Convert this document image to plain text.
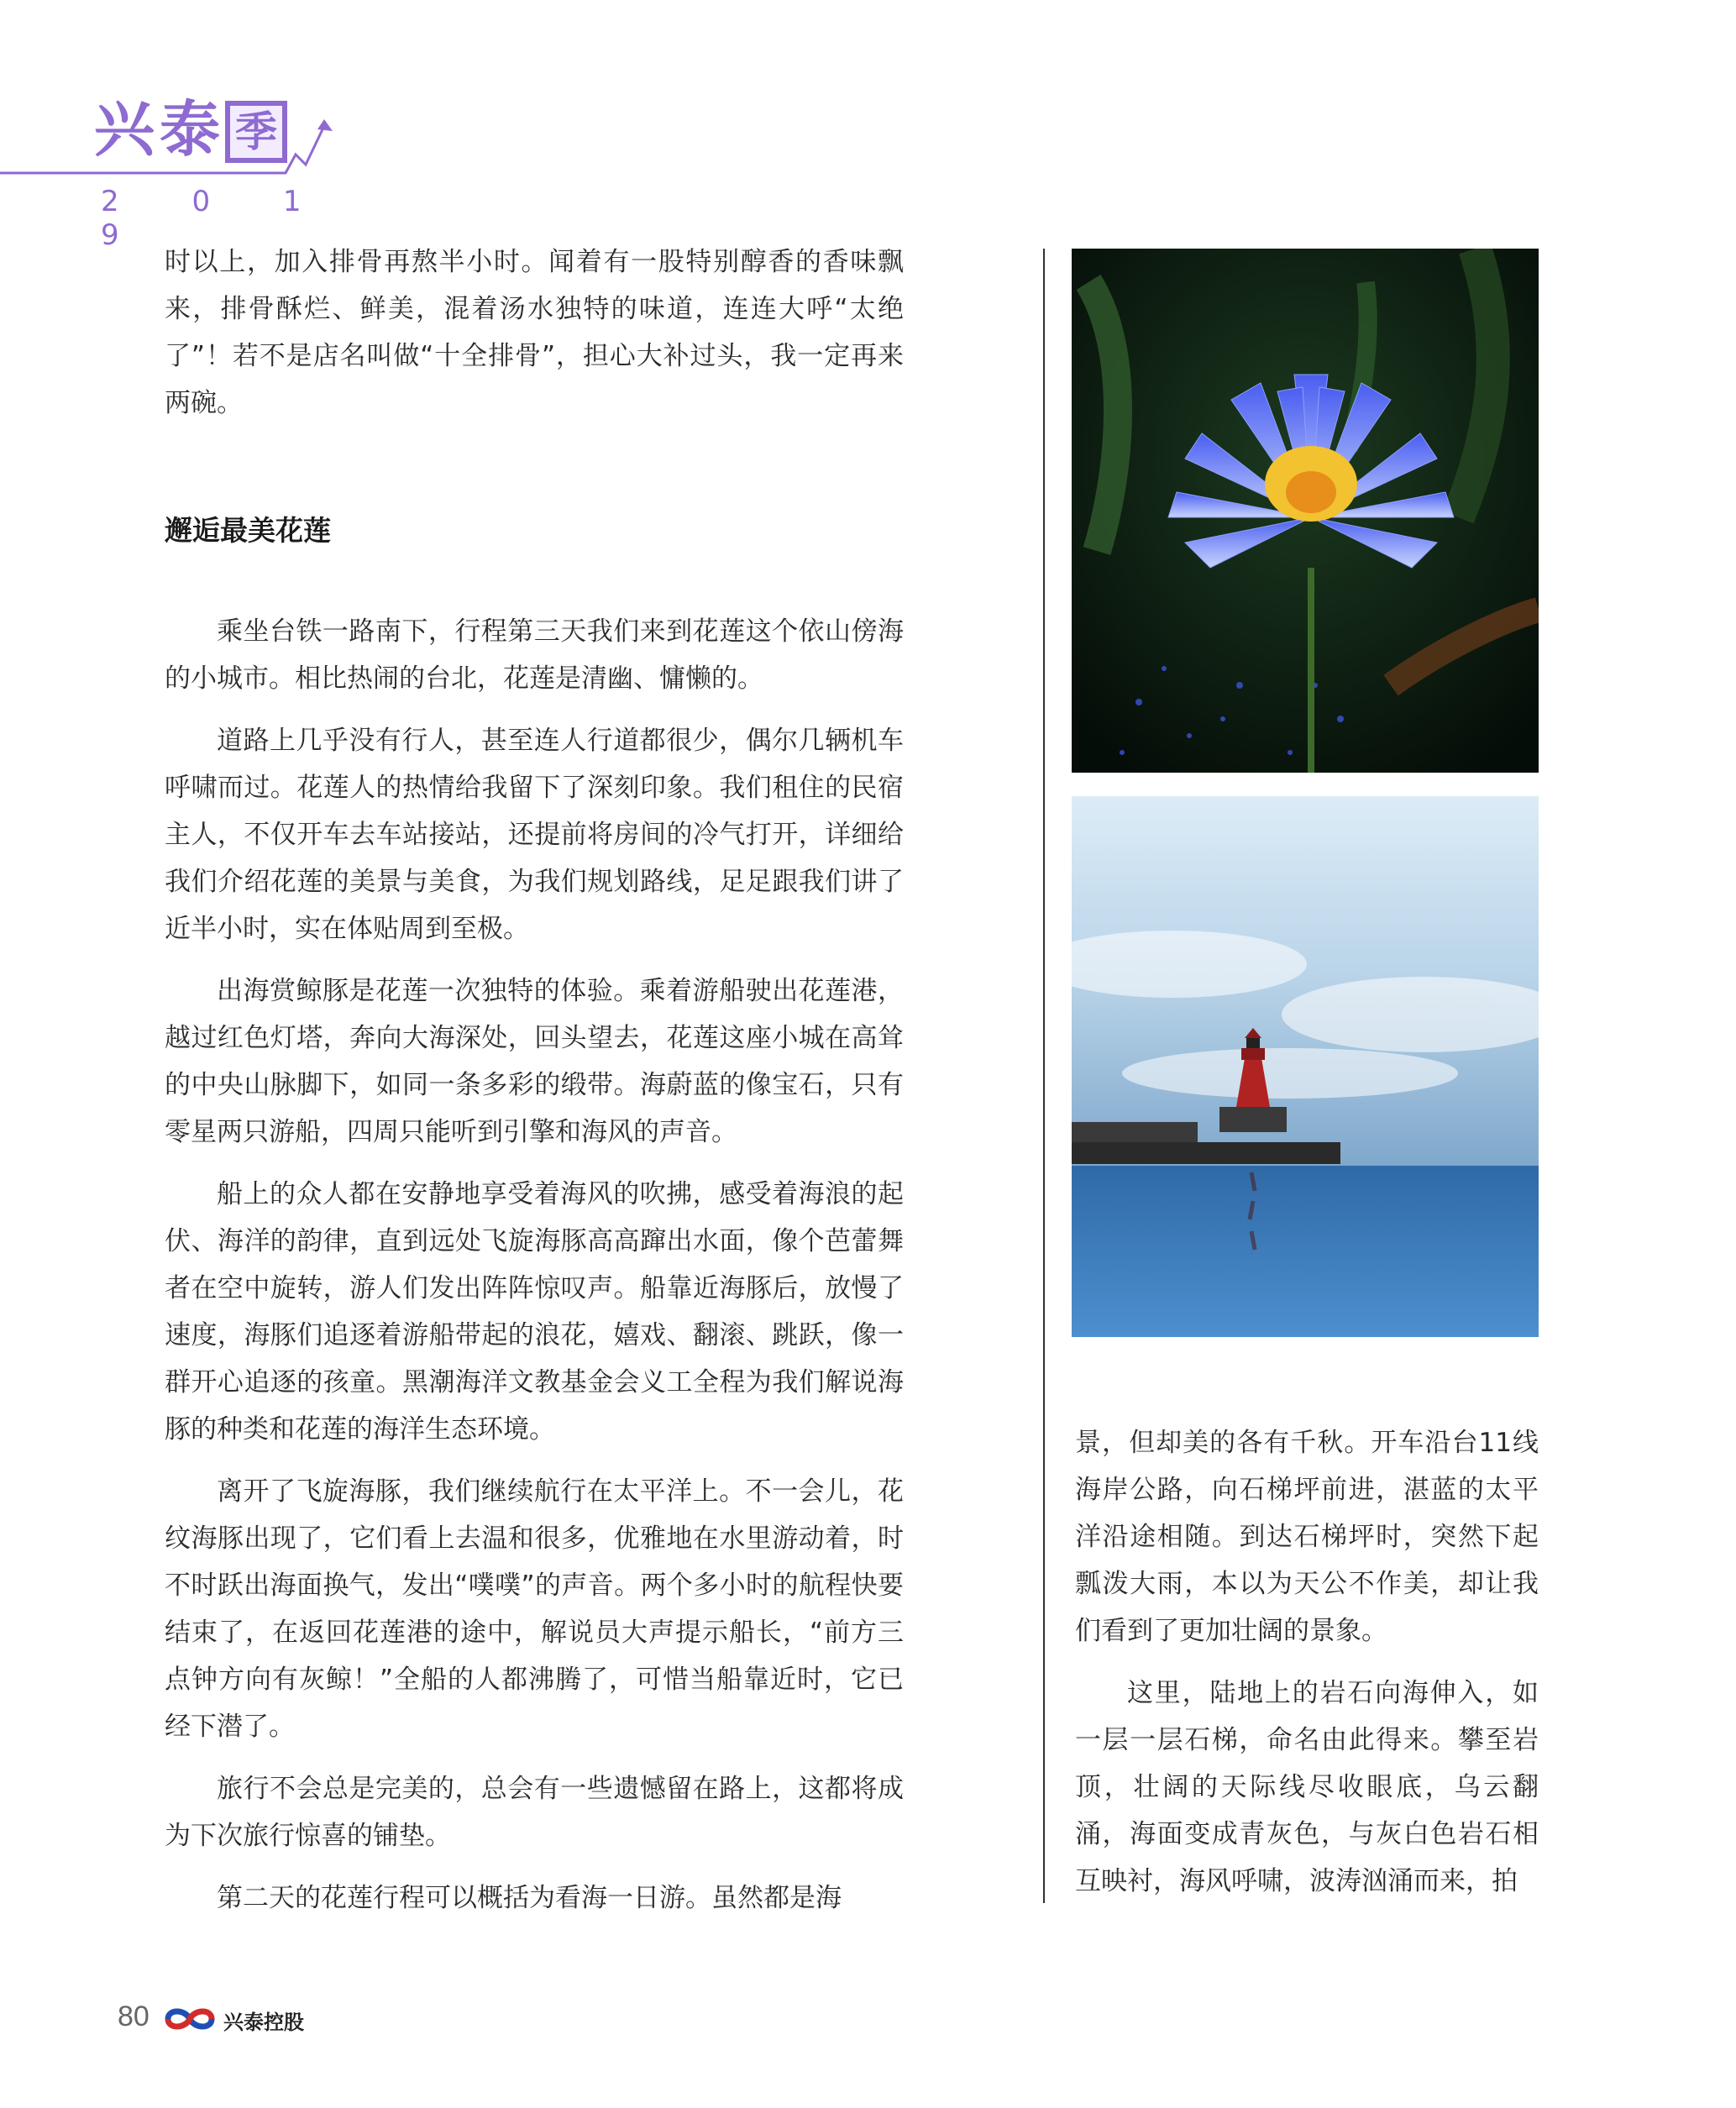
兴泰 季
2 0 1 9

时以上，加入排骨再熬半小时。闻着有一股特别醇香的香味飘来，排骨酥烂、鲜美，混着汤水独特的味道，连连大呼“太绝了”！若不是店名叫做“十全排骨”，担心大补过头，我一定再来两碗。

邂逅最美花莲

乘坐台铁一路南下，行程第三天我们来到花莲这个依山傍海的小城市。相比热闹的台北，花莲是清幽、慵懒的。

道路上几乎没有行人，甚至连人行道都很少，偶尔几辆机车呼啸而过。花莲人的热情给我留下了深刻印象。我们租住的民宿主人，不仅开车去车站接站，还提前将房间的冷气打开，详细给我们介绍花莲的美景与美食，为我们规划路线，足足跟我们讲了近半小时，实在体贴周到至极。

出海赏鲸豚是花莲一次独特的体验。乘着游船驶出花莲港，越过红色灯塔，奔向大海深处，回头望去，花莲这座小城在高耸的中央山脉脚下，如同一条多彩的缎带。海蔚蓝的像宝石，只有零星两只游船，四周只能听到引擎和海风的声音。

船上的众人都在安静地享受着海风的吹拂，感受着海浪的起伏、海洋的韵律，直到远处飞旋海豚高高蹿出水面，像个芭蕾舞者在空中旋转，游人们发出阵阵惊叹声。船靠近海豚后，放慢了速度，海豚们追逐着游船带起的浪花，嬉戏、翻滚、跳跃，像一群开心追逐的孩童。黑潮海洋文教基金会义工全程为我们解说海豚的种类和花莲的海洋生态环境。

离开了飞旋海豚，我们继续航行在太平洋上。不一会儿，花纹海豚出现了，它们看上去温和很多，优雅地在水里游动着，时不时跃出海面换气，发出“噗噗”的声音。两个多小时的航程快要结束了，在返回花莲港的途中，解说员大声提示船长，“前方三点钟方向有灰鲸！”全船的人都沸腾了，可惜当船靠近时，它已经下潜了。

旅行不会总是完美的，总会有一些遗憾留在路上，这都将成为下次旅行惊喜的铺垫。

第二天的花莲行程可以概括为看海一日游。虽然都是海

景，但却美的各有千秋。开车沿台11线海岸公路，向石梯坪前进，湛蓝的太平洋沿途相随。到达石梯坪时，突然下起瓢泼大雨，本以为天公不作美，却让我们看到了更加壮阔的景象。

这里，陆地上的岩石向海伸入，如一层一层石梯，命名由此得来。攀至岩顶，壮阔的天际线尽收眼底，乌云翻涌，海面变成青灰色，与灰白色岩石相互映衬，海风呼啸，波涛汹涌而来，拍

80	兴泰控股
